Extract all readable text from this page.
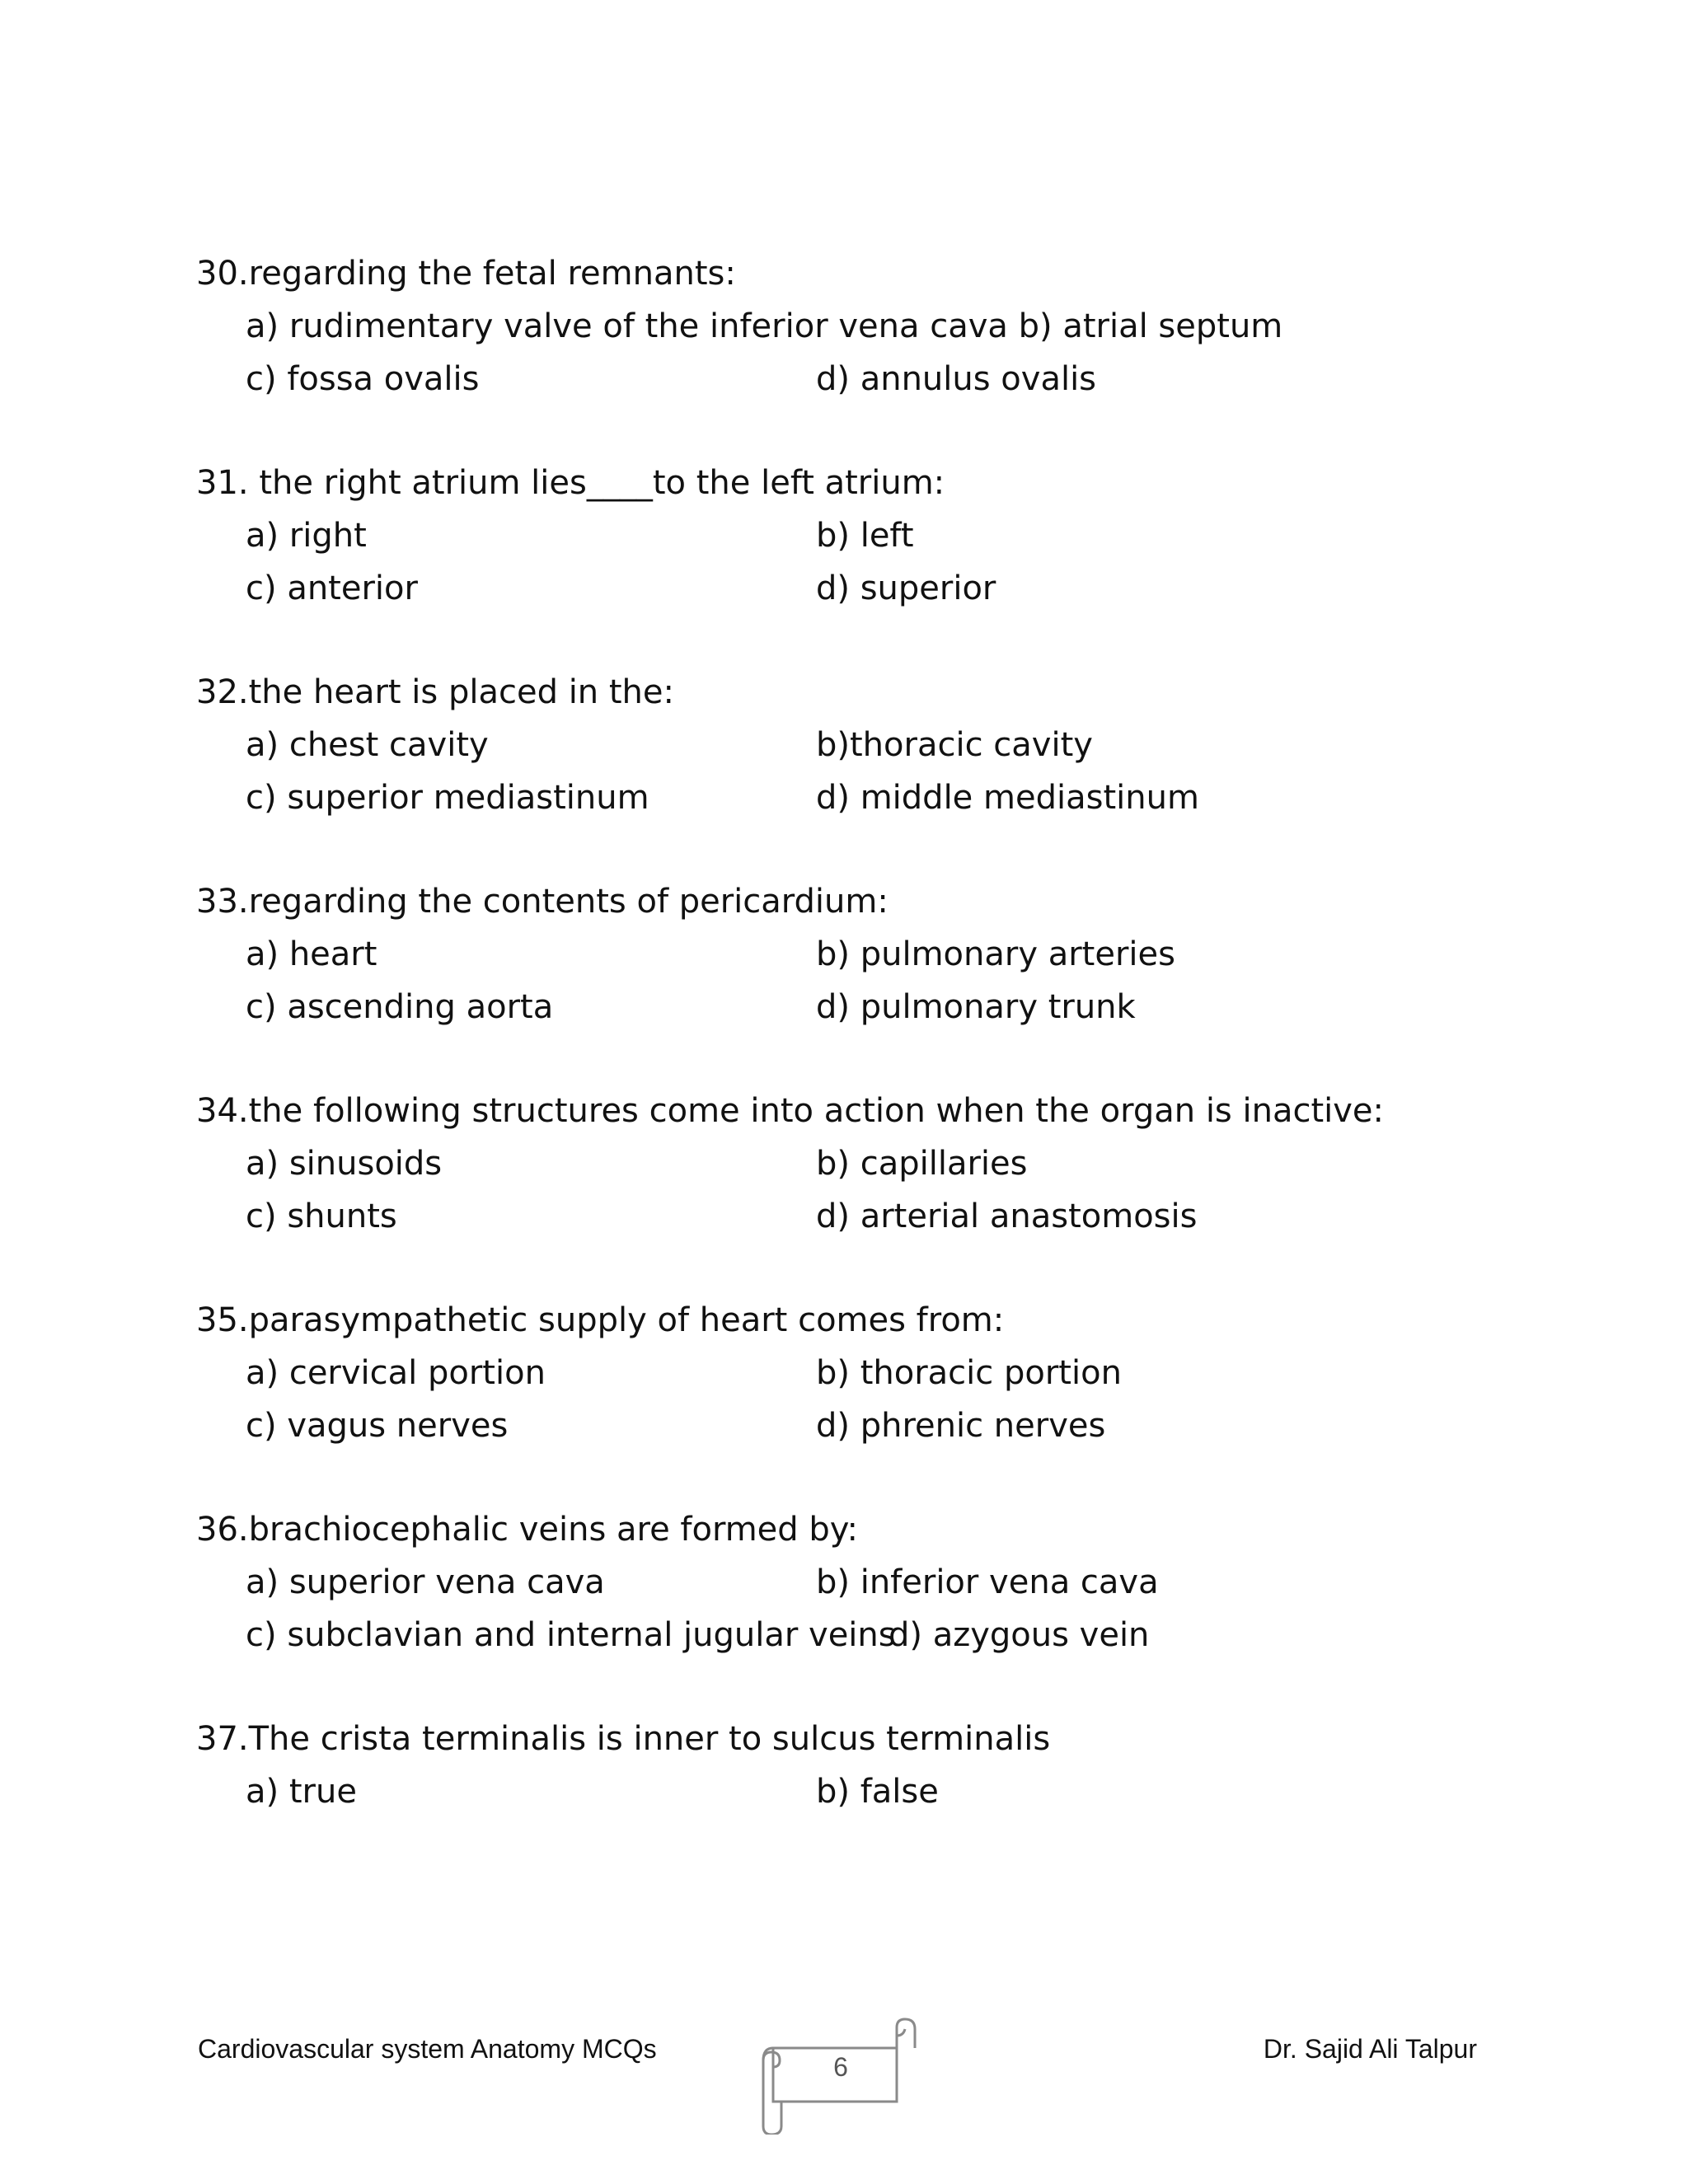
30.regarding the fetal remnants:
a) rudimentary valve of the inferior vena cava b) atrial septum
c) fossa ovalis	d) annulus ovalis
31. the right atrium lies____to the left atrium:
a) right	b) left
c) anterior	d) superior
32.the heart is placed in the:
a) chest cavity	b)thoracic cavity
c) superior mediastinum	d) middle mediastinum
33.regarding the contents of pericardium:
a) heart	b) pulmonary arteries
c) ascending aorta	d) pulmonary trunk
34.the following structures come into action when the organ is inactive:
a) sinusoids	b) capillaries
c) shunts	d) arterial anastomosis
35.parasympathetic supply of heart comes from:
a) cervical portion	b) thoracic portion
c) vagus nerves	d) phrenic nerves
36.brachiocephalic veins are formed by:
a) superior vena cava	b) inferior vena cava
c) subclavian and internal jugular veins
d) azygous vein
37.The crista terminalis is inner to sulcus terminalis
a) true	b) false
Cardiovascular system Anatomy MCQs
6
Dr. Sajid Ali Talpur
